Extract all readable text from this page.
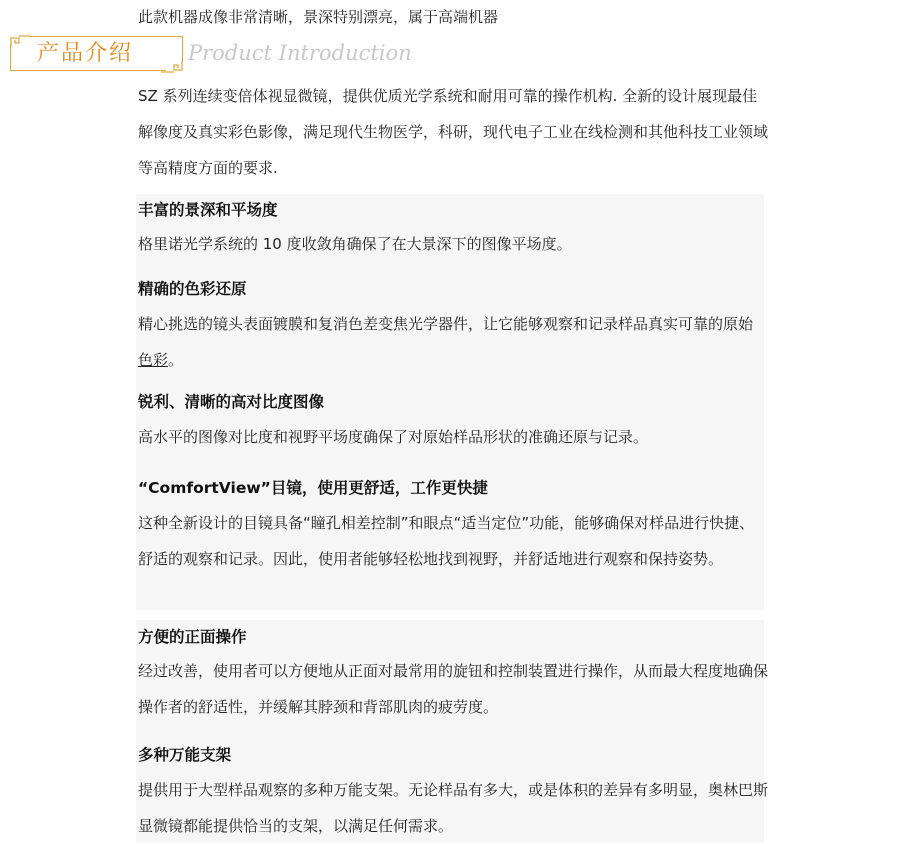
此款机器成像非常清晰，景深特别漂亮，属于高端机器
产品介绍	Product Introduction
SZ 系列连续变倍体视显微镜，提供优质光学系统和耐用可靠的操作机构. 全新的设计展现最佳解像度及真实彩色影像，满足现代生物医学，科研，现代电子工业在线检测和其他科技工业领域等高精度方面的要求.
丰富的景深和平场度
格里诺光学系统的 10 度收敛角确保了在大景深下的图像平场度。
精确的色彩还原
精心挑选的镜头表面镀膜和复消色差变焦光学器件，让它能够观察和记录样品真实可靠的原始色彩。
锐利、清晰的高对比度图像
高水平的图像对比度和视野平场度确保了对原始样品形状的准确还原与记录。
“ComfortView”目镜，使用更舒适，工作更快捷
这种全新设计的目镜具备“瞳孔相差控制”和眼点“适当定位”功能，能够确保对样品进行快捷、舒适的观察和记录。因此，使用者能够轻松地找到视野，并舒适地进行观察和保持姿势。
方便的正面操作
经过改善，使用者可以方便地从正面对最常用的旋钮和控制装置进行操作，从而最大程度地确保操作者的舒适性，并缓解其脖颈和背部肌肉的疲劳度。
多种万能支架
提供用于大型样品观察的多种万能支架。无论样品有多大，或是体积的差异有多明显，奥林巴斯显微镜都能提供恰当的支架，以满足任何需求。
